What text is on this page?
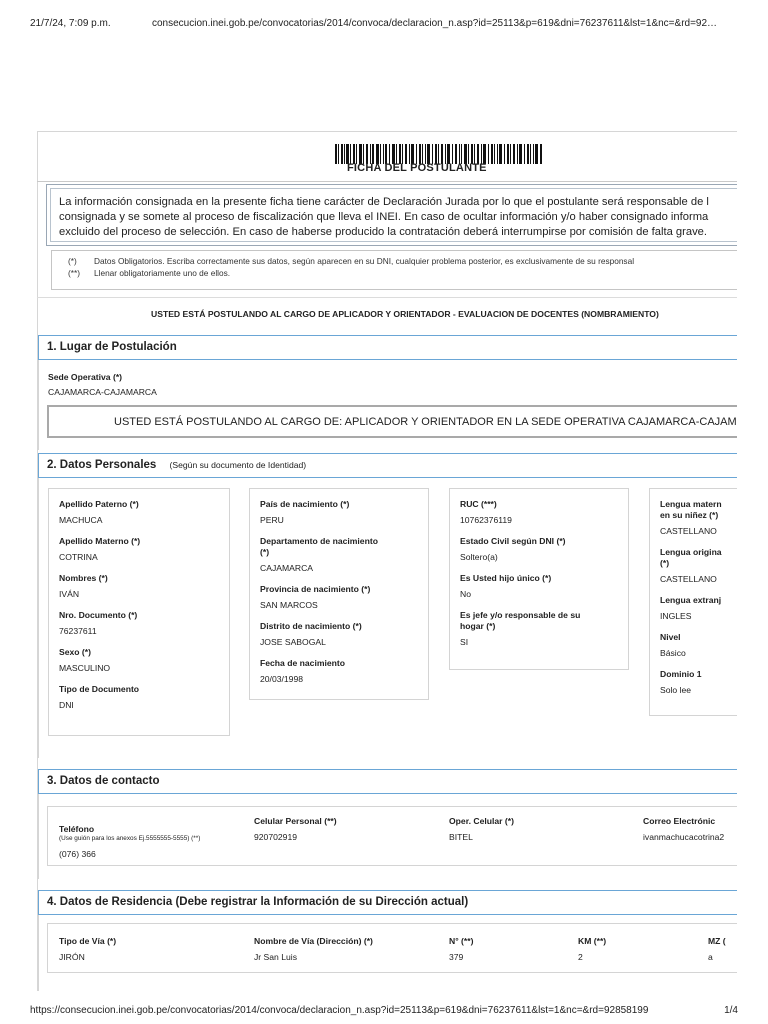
21/7/24, 7:09 p.m.	consecucion.inei.gob.pe/convocatorias/2014/convoca/declaracion_n.asp?id=25113&p=619&dni=76237611&lst=1&nc=&rd=92…
FICHA DEL POSTULANTE
La información consignada en la presente ficha tiene carácter de Declaración Jurada por lo que el postulante será responsable de l
consignada y se somete al proceso de fiscalización que lleva el INEI. En caso de ocultar información y/o haber consignado informa
excluido del proceso de selección. En caso de haberse producido la contratación deberá interrumpirse por comisión de falta grave.
(*)	Datos Obligatorios. Escriba correctamente sus datos, según aparecen en su DNI, cualquier problema posterior, es exclusivamente de su responsal
(**)	Llenar obligatoriamente uno de ellos.
USTED ESTÁ POSTULANDO AL CARGO DE APLICADOR Y ORIENTADOR - EVALUACION DE DOCENTES (NOMBRAMIENTO)
1. Lugar de Postulación
Sede Operativa (*)
CAJAMARCA-CAJAMARCA
USTED ESTÁ POSTULANDO AL CARGO DE: APLICADOR Y ORIENTADOR EN LA SEDE OPERATIVA CAJAMARCA-CAJAM
2. Datos Personales (Según su documento de Identidad)
Apellido Paterno (*)
MACHUCA
Apellido Materno (*)
COTRINA
Nombres (*)
IVÁN
Nro. Documento (*)
76237611
Sexo (*)
MASCULINO
Tipo de Documento
DNI
País de nacimiento (*)
PERU
Departamento de nacimiento
(*)
CAJAMARCA
Provincia de nacimiento (*)
SAN MARCOS
Distrito de nacimiento (*)
JOSE SABOGAL
Fecha de nacimiento
20/03/1998
RUC (***)
10762376119
Estado Civil según DNI (*)
Soltero(a)
Es Usted hijo único (*)
No
Es jefe y/o responsable de su
hogar (*)
SI
Lengua matern
en su niñez (*)
CASTELLANO
Lengua origina
(*)
CASTELLANO
Lengua extranj
INGLES
Nivel
Básico
Dominio 1
Solo lee
3. Datos de contacto
Teléfono
(Use guión para los anexos Ej.5555555-5555) (**)
(076) 366
Celular Personal (**)
920702919
Oper. Celular (*)
BITEL
Correo Electrónic
ivanmachucacotrina2
4. Datos de Residencia (Debe registrar la Información de su Dirección actual)
Tipo de Vía (*)
JIRÓN
Nombre de Vía (Dirección) (*)
Jr San Luis
N° (**)
379
KM (**)
2
MZ (
a
https://consecucion.inei.gob.pe/convocatorias/2014/convoca/declaracion_n.asp?id=25113&p=619&dni=76237611&lst=1&nc=&rd=92858199	1/4
